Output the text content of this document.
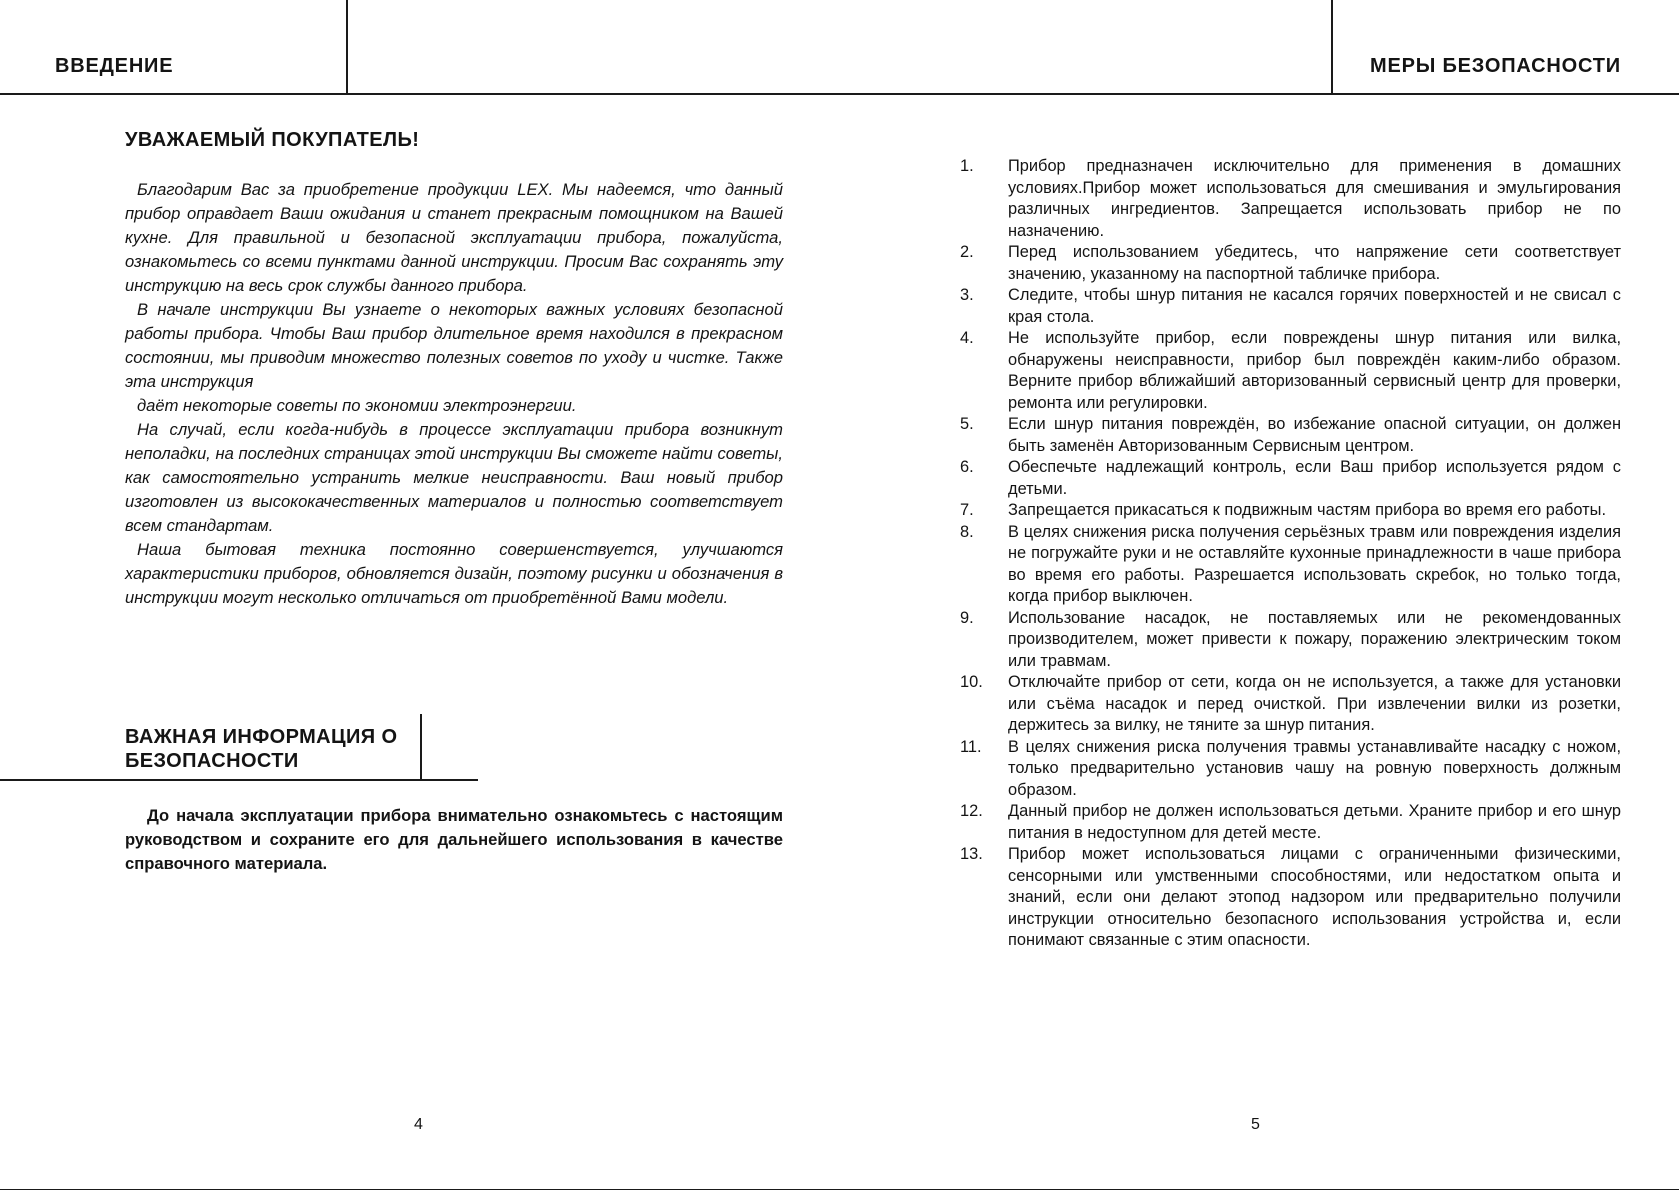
ВВЕДЕНИЕ	МЕРЫ БЕЗОПАСНОСТИ
УВАЖАЕМЫЙ ПОКУПАТЕЛЬ!

Благодарим Вас за приобретение продукции LEX. Мы надеемся, что данный прибор оправдает Ваши ожидания и станет прекрасным помощником на Вашей кухне. Для правильной и безопасной эксплуатации прибора, пожалуйста, ознакомьтесь со всеми пунктами данной инструкции. Просим Вас сохранять эту инструкцию на весь срок службы данного прибора.

В начале инструкции Вы узнаете о некоторых важных условиях безопасной работы прибора. Чтобы Ваш прибор длительное время находился в прекрасном состоянии, мы приводим множество полезных советов по уходу и чистке. Также эта инструкция

даёт некоторые советы по экономии электроэнергии.

На случай, если когда-нибудь в процессе эксплуатации прибора возникнут неполадки, на последних страницах этой инструкции Вы сможете найти советы, как самостоятельно устранить мелкие неисправности. Ваш новый прибор изготовлен из высококачественных материалов и полностью соответствует всем стандартам.

Наша бытовая техника постоянно совершенствуется, улучшаются характеристики приборов, обновляется дизайн, поэтому рисунки и обозначения в инструкции могут несколько отличаться от приобретённой Вами модели.

ВАЖНАЯ ИНФОРМАЦИЯ О
БЕЗОПАСНОСТИ

До начала эксплуатации прибора внимательно ознакомьтесь с настоящим руководством и сохраните его для дальнейшего использования в качестве справочного материала.

4

1.	Прибор предназначен исключительно для применения в домашних условиях.Прибор может использоваться для смешивания и эмульгирования различных ингредиентов. Запрещается использовать прибор не по назначению.
2.	Перед использованием убедитесь, что напряжение сети соответствует значению, указанному на паспортной табличке прибора.
3.	Следите, чтобы шнур питания не касался горячих поверхностей и не свисал с края стола.
4.	Не используйте прибор, если повреждены шнур питания или вилка, обнаружены неисправности, прибор был повреждён каким-либо образом. Верните прибор вближайший авторизованный сервисный центр для проверки, ремонта или регулировки.
5.	Если шнур питания повреждён, во избежание опасной ситуации, он должен быть заменён Авторизованным Сервисным центром.
6.	Обеспечьте надлежащий контроль, если Ваш прибор используется рядом с детьми.
7.	Запрещается прикасаться к подвижным частям прибора во время его работы.
8.	В целях снижения риска получения серьёзных травм или повреждения изделия не погружайте руки и не оставляйте кухонные принадлежности в чаше прибора во время его работы. Разрешается использовать скребок, но только тогда, когда прибор выключен.
9.	Использование насадок, не поставляемых или не рекомендованных производителем, может привести к пожару, поражению электрическим током или травмам.
10.	Отключайте прибор от сети, когда он не используется, а также для установки или съёма насадок и перед очисткой. При извлечении вилки из розетки, держитесь за вилку, не тяните за шнур питания.
11.	В целях снижения риска получения травмы устанавливайте насадку с ножом, только предварительно установив чашу на ровную поверхность должным образом.
12.	Данный прибор не должен использоваться детьми. Храните прибор и его шнур питания в недоступном для детей месте.
13.	Прибор может использоваться лицами с ограниченными физическими, сенсорными или умственными способностями, или недостатком опыта и знаний, если они делают этопод надзором или предварительно получили инструкции относительно безопасного использования устройства и, если понимают связанные с этим опасности.

5
